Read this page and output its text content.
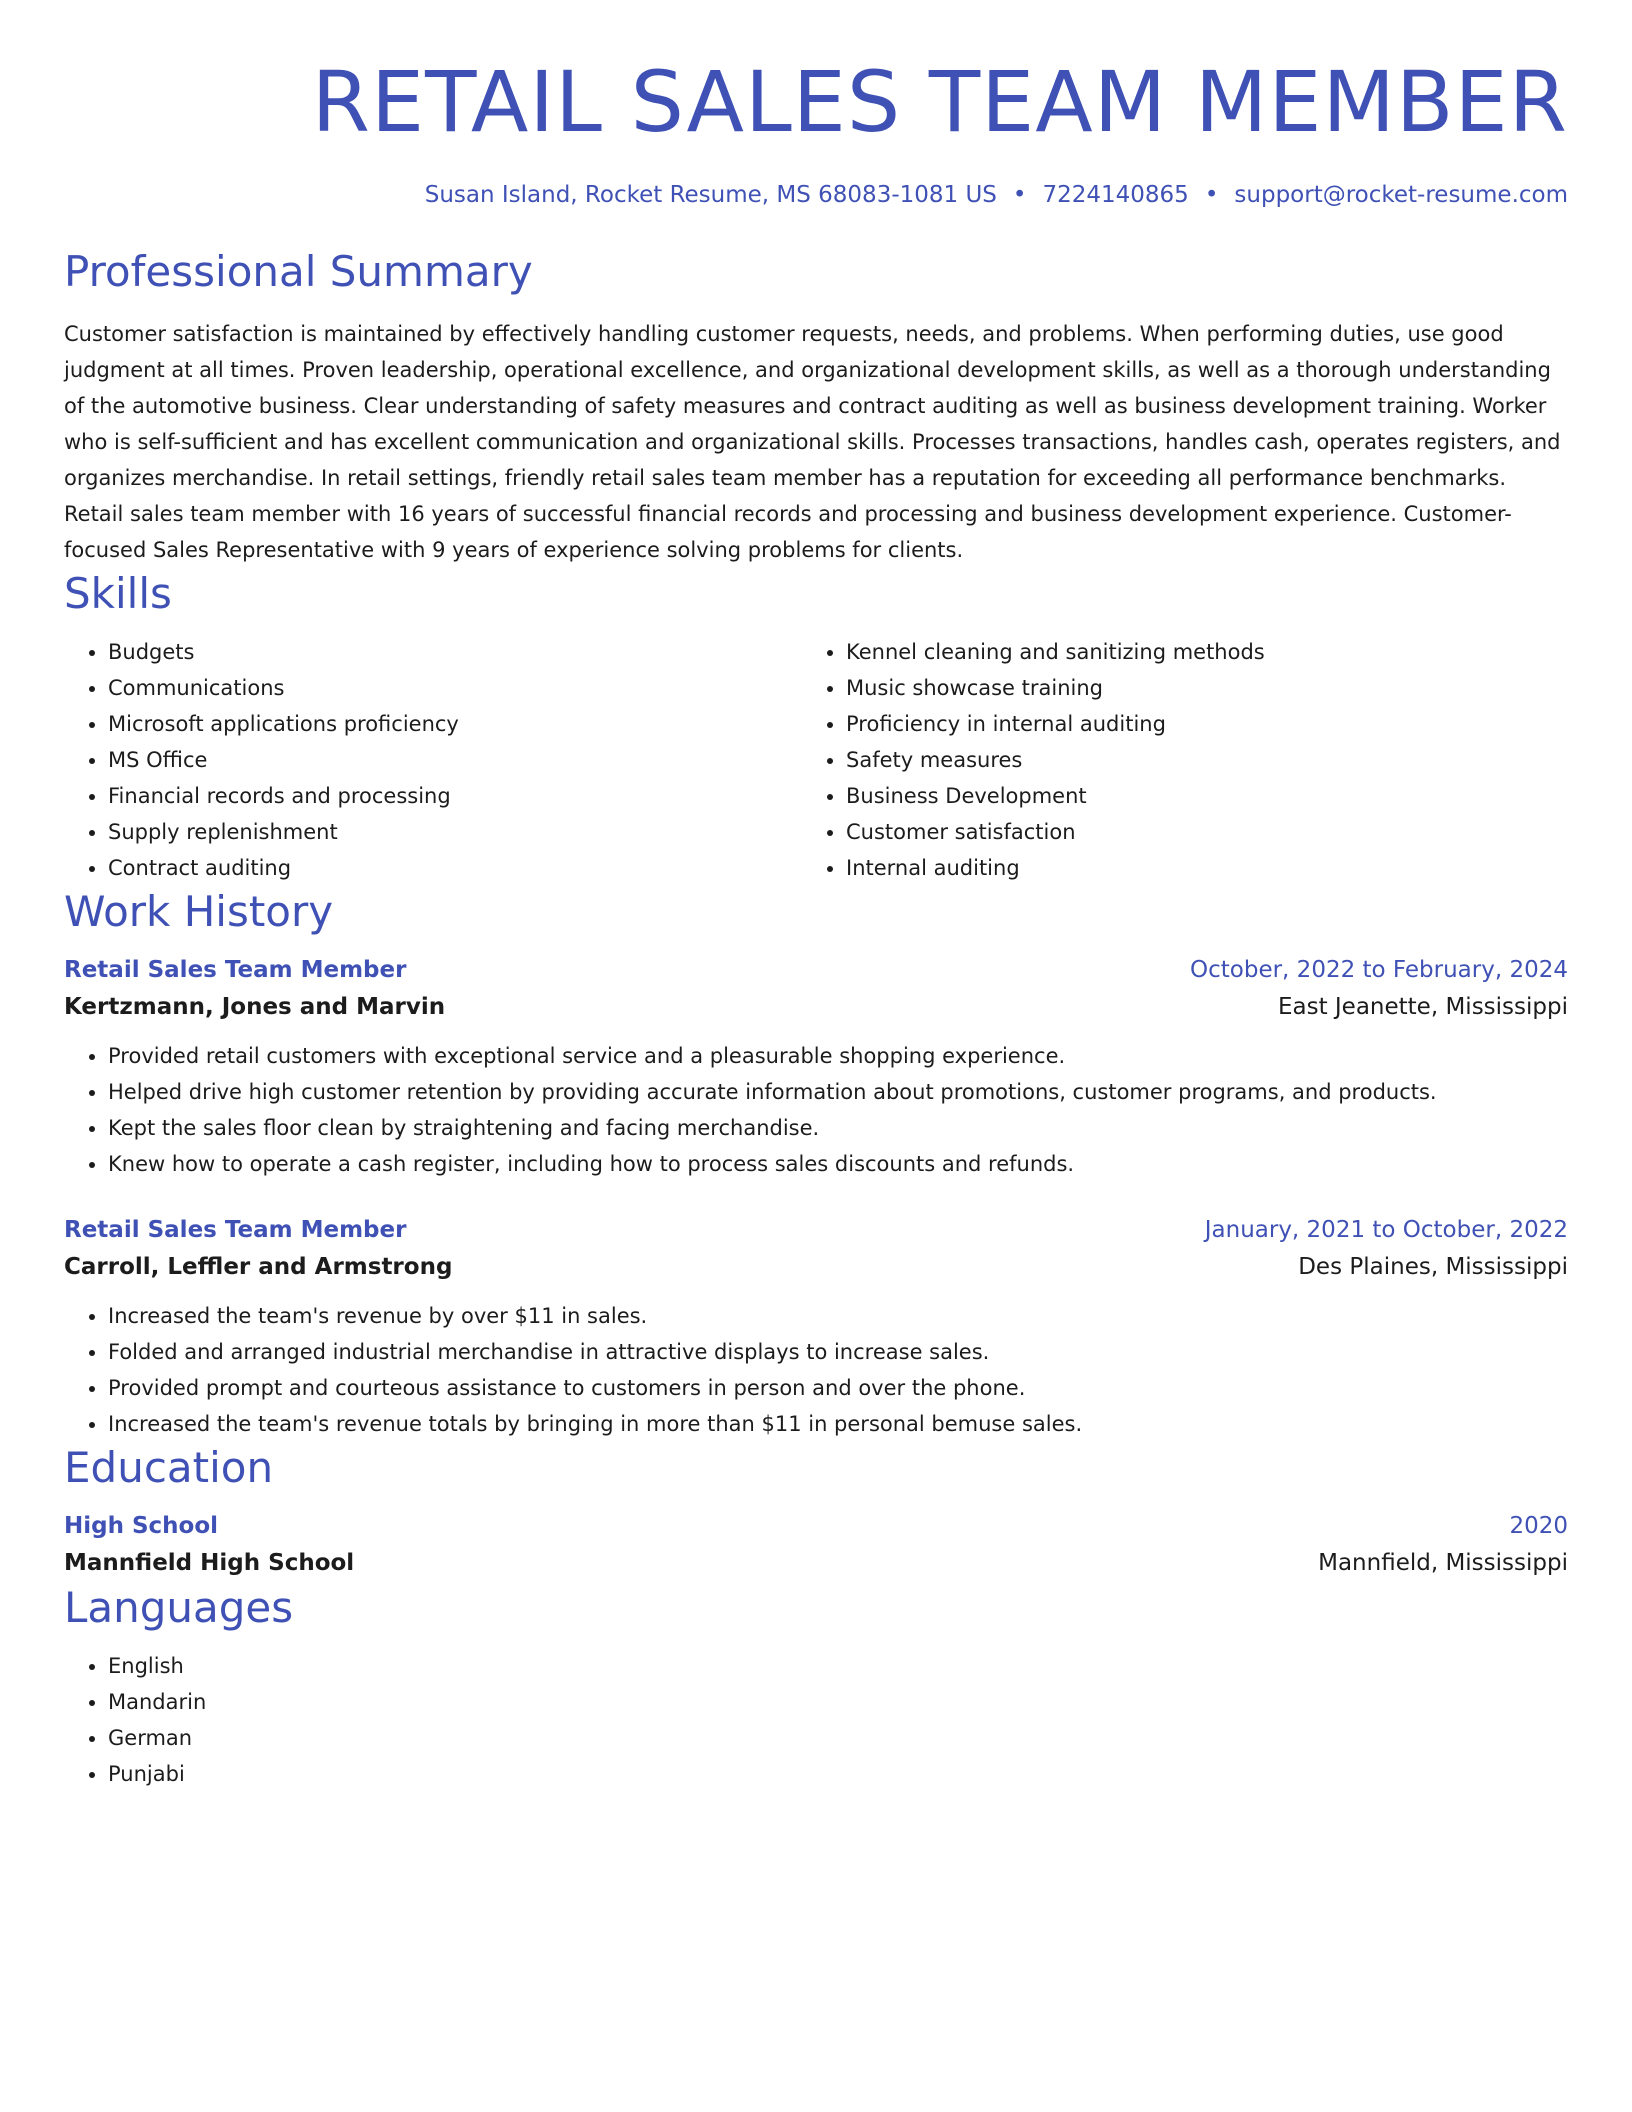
RETAIL SALES TEAM MEMBER
Susan Island, Rocket Resume, MS 68083-1081 US • 7224140865 • support@rocket-resume.com
Professional Summary

Customer satisfaction is maintained by effectively handling customer requests, needs, and problems. When performing duties, use good judgment at all times. Proven leadership, operational excellence, and organizational development skills, as well as a thorough understanding of the automotive business. Clear understanding of safety measures and contract auditing as well as business development training. Worker who is self-sufficient and has excellent communication and organizational skills. Processes transactions, handles cash, operates registers, and organizes merchandise. In retail settings, friendly retail sales team member has a reputation for exceeding all performance benchmarks. Retail sales team member with 16 years of successful financial records and processing and business development experience. Customer-focused Sales Representative with 9 years of experience solving problems for clients.

Skills
• Budgets
• Communications
• Microsoft applications proficiency
• MS Office
• Financial records and processing
• Supply replenishment
• Contract auditing
• Kennel cleaning and sanitizing methods
• Music showcase training
• Proficiency in internal auditing
• Safety measures
• Business Development
• Customer satisfaction
• Internal auditing
Work History
Retail Sales Team Member	October, 2022 to February, 2024
Kertzmann, Jones and Marvin	East Jeanette, Mississippi
• Provided retail customers with exceptional service and a pleasurable shopping experience.
• Helped drive high customer retention by providing accurate information about promotions, customer programs, and products.
• Kept the sales floor clean by straightening and facing merchandise.
• Knew how to operate a cash register, including how to process sales discounts and refunds.
Retail Sales Team Member	January, 2021 to October, 2022
Carroll, Leffler and Armstrong	Des Plaines, Mississippi
• Increased the team's revenue by over $11 in sales.
• Folded and arranged industrial merchandise in attractive displays to increase sales.
• Provided prompt and courteous assistance to customers in person and over the phone.
• Increased the team's revenue totals by bringing in more than $11 in personal bemuse sales.
Education
High School	2020
Mannfield High School	Mannfield, Mississippi
Languages
• English
• Mandarin
• German
• Punjabi
